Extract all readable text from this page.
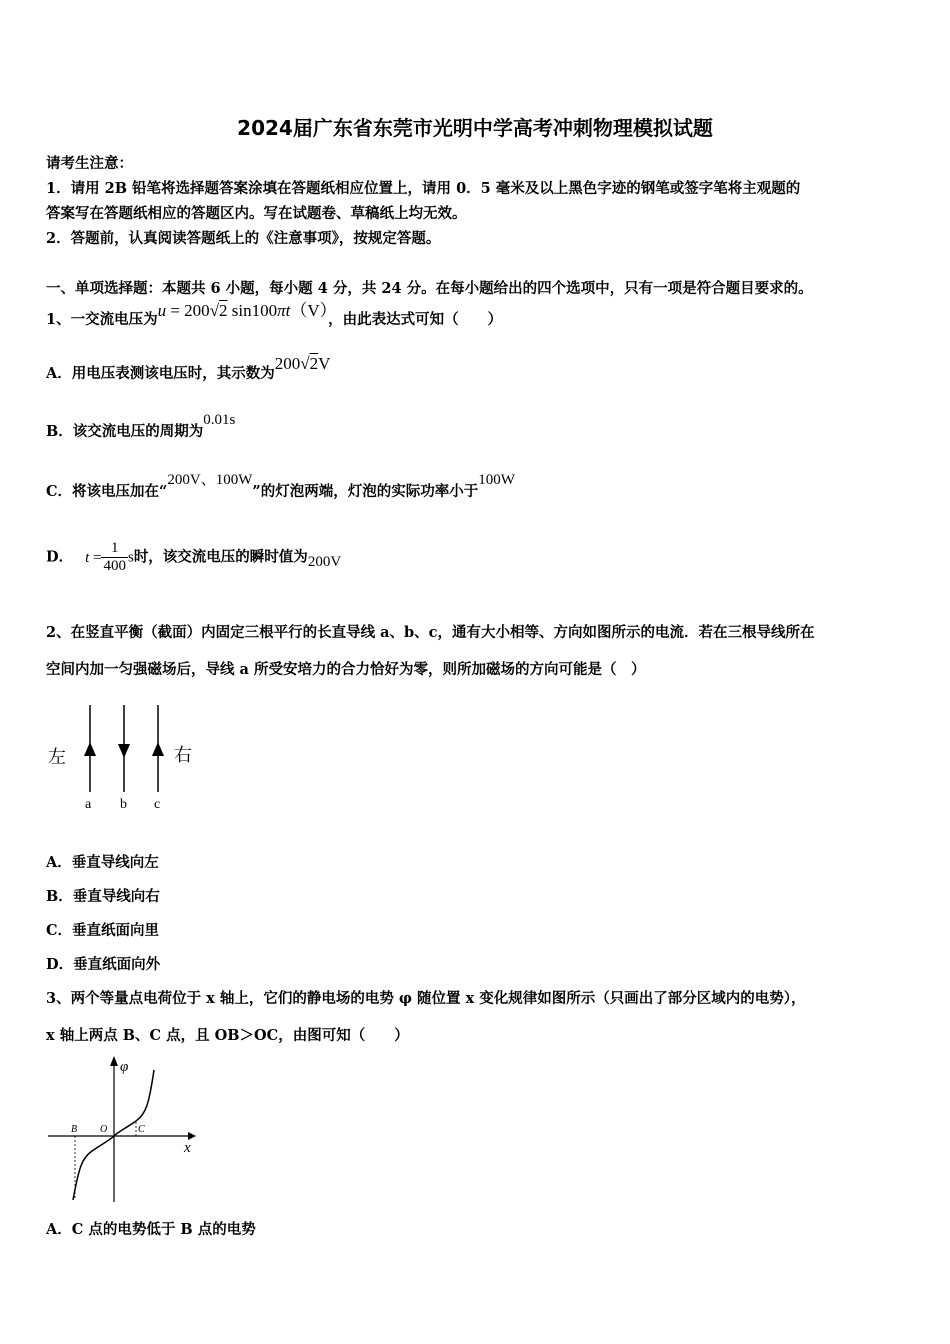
2024届广东省东莞市光明中学高考冲刺物理模拟试题
请考生注意：
1．请用 2B 铅笔将选择题答案涂填在答题纸相应位置上，请用 0．5 毫米及以上黑色字迹的钢笔或签字笔将主观题的
答案写在答题纸相应的答题区内。写在试题卷、草稿纸上均无效。
2．答题前，认真阅读答题纸上的《注意事项》，按规定答题。
一、单项选择题：本题共 6 小题，每小题 4 分，共 24 分。在每小题给出的四个选项中，只有一项是符合题目要求的。
1、一交流电压为u = 200√2 sin100πt（V），由此表达式可知（　　）
A．用电压表测该电压时，其示数为200√2V
B．该交流电压的周期为0.01s
C．将该电压加在“200V、100W”的灯泡两端，灯泡的实际功率小于100W
D． $t = \frac{1}{400}$ s时，该交流电压的瞬时值为200V
2、在竖直平衡（截面）内固定三根平行的长直导线 a、b、c，通有大小相等、方向如图所示的电流．若在三根导线所在
空间内加一匀强磁场后，导线 a 所受安培力的合力恰好为零，则所加磁场的方向可能是（　）
左	右
a b c
A．垂直导线向左
B．垂直导线向右
C．垂直纸面向里
D．垂直纸面向外
3、两个等量点电荷位于 x 轴上，它们的静电场的电势 φ 随位置 x 变化规律如图所示（只画出了部分区域内的电势），
x 轴上两点 B、C 点，且 OB＞OC，由图可知（　　）
φ
x
O
B	C
A．C 点的电势低于 B 点的电势
